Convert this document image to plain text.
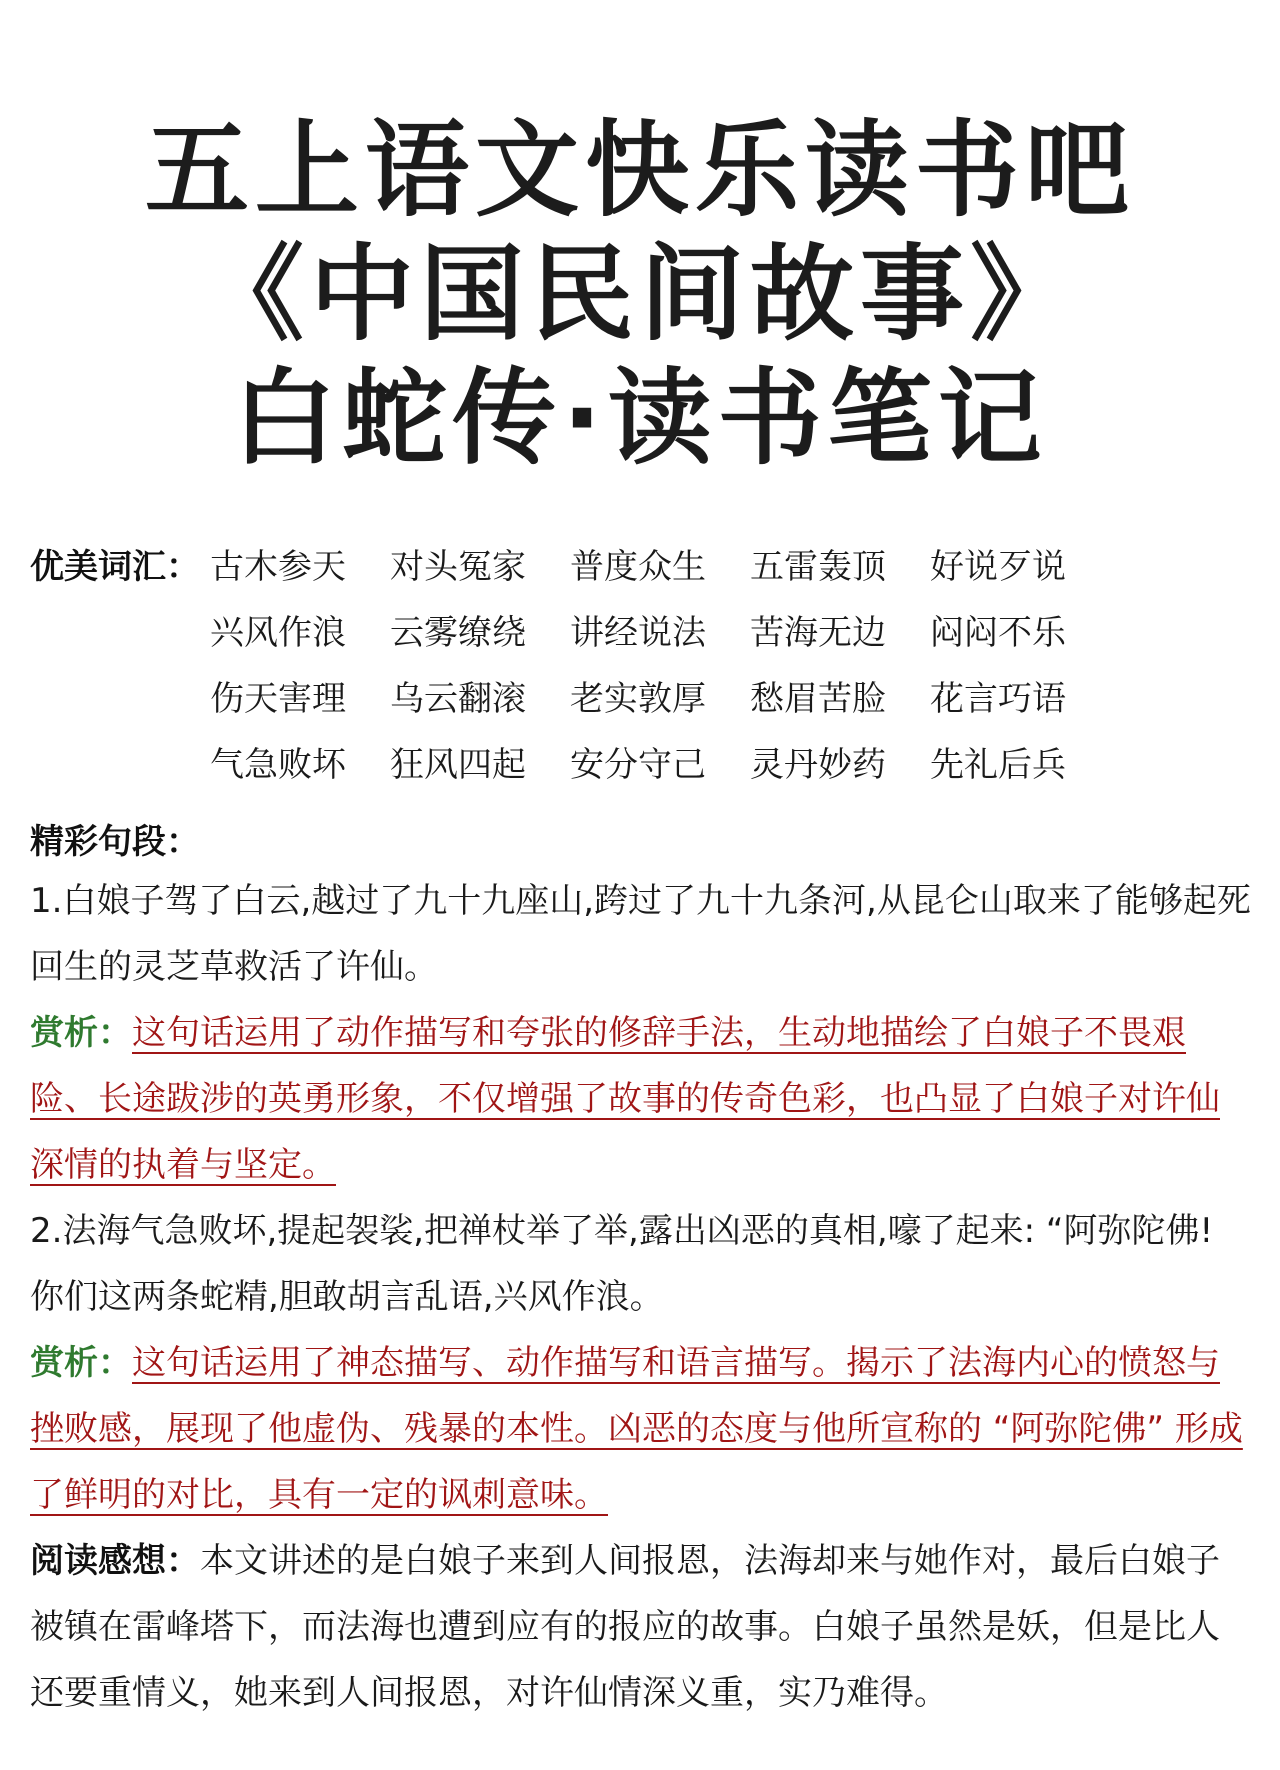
五上语文快乐读书吧
《中国民间故事》
白蛇传·读书笔记
优美词汇： 古木参天	对头冤家	普度众生	五雷轰顶	好说歹说
兴风作浪	云雾缭绕	讲经说法	苦海无边	闷闷不乐
伤天害理	乌云翻滚	老实敦厚	愁眉苦脸	花言巧语
气急败坏	狂风四起	安分守己	灵丹妙药	先礼后兵
精彩句段：
1.白娘子驾了白云,越过了九十九座山,跨过了九十九条河,从昆仑山取来了能够起死回生的灵芝草救活了许仙。
赏析：这句话运用了动作描写和夸张的修辞手法，生动地描绘了白娘子不畏艰险、长途跋涉的英勇形象，不仅增强了故事的传奇色彩，也凸显了白娘子对许仙深情的执着与坚定。
2.法海气急败坏,提起袈裟,把禅杖举了举,露出凶恶的真相,嚎了起来: “阿弥陀佛! 你们这两条蛇精,胆敢胡言乱语,兴风作浪。
赏析：这句话运用了神态描写、动作描写和语言描写。揭示了法海内心的愤怒与挫败感，展现了他虚伪、残暴的本性。凶恶的态度与他所宣称的 “阿弥陀佛” 形成了鲜明的对比，具有一定的讽刺意味。
阅读感想：本文讲述的是白娘子来到人间报恩，法海却来与她作对，最后白娘子被镇在雷峰塔下，而法海也遭到应有的报应的故事。白娘子虽然是妖，但是比人还要重情义，她来到人间报恩，对许仙情深义重，实乃难得。
